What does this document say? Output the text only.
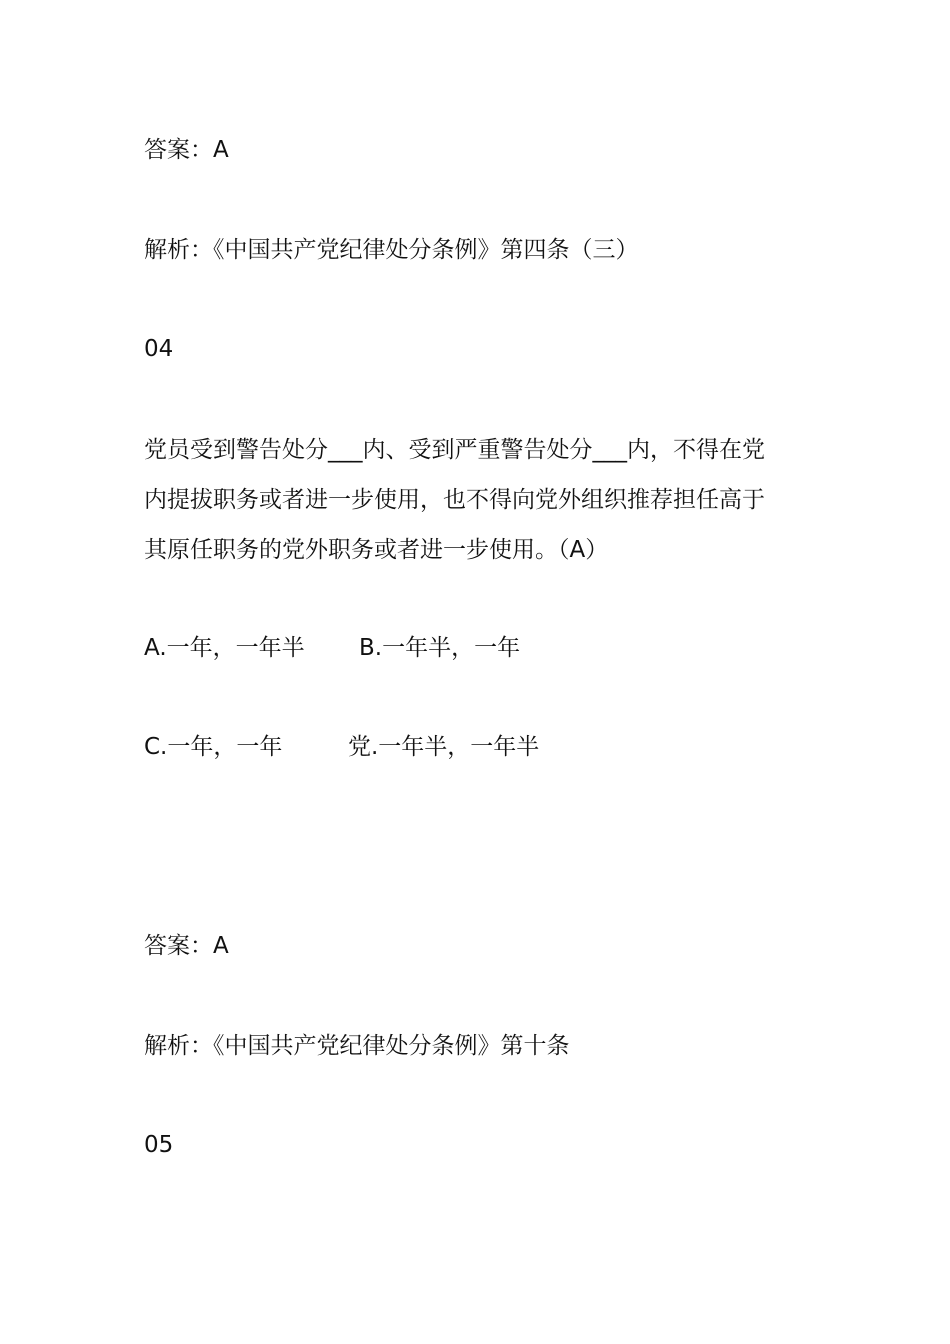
答案：A
解析：《中国共产党纪律处分条例》第四条（三）
04
党员受到警告处分___内、受到严重警告处分___内，不得在党
内提拔职务或者进一步使用，也不得向党外组织推荐担任高于
其原任职务的党外职务或者进一步使用。（A）
A.一年，一年半 B.一年半，一年
C.一年，一年	党.一年半，一年半
答案：A
解析：《中国共产党纪律处分条例》第十条
05
